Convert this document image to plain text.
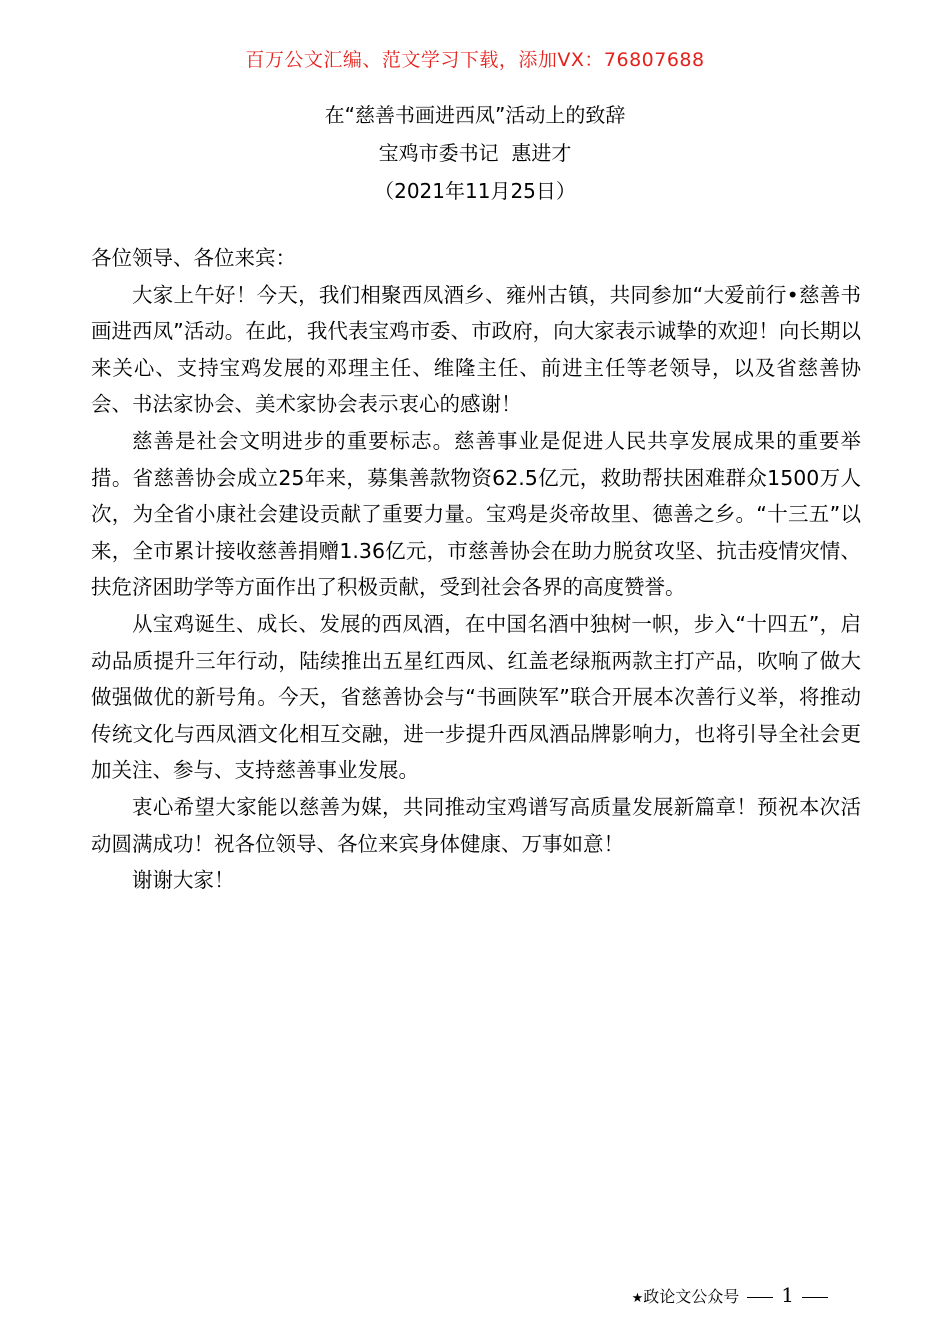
百万公文汇编、范文学习下载，添加VX：76807688
在“慈善书画进西凤”活动上的致辞
宝鸡市委书记  惠进才
（2021年11月25日）

各位领导、各位来宾：

大家上午好！今天，我们相聚西凤酒乡、雍州古镇，共同参加“大爱前行•慈善书画进西凤”活动。在此，我代表宝鸡市委、市政府，向大家表示诚挚的欢迎！向长期以来关心、支持宝鸡发展的邓理主任、维隆主任、前进主任等老领导，以及省慈善协会、书法家协会、美术家协会表示衷心的感谢！

慈善是社会文明进步的重要标志。慈善事业是促进人民共享发展成果的重要举措。省慈善协会成立25年来，募集善款物资62.5亿元，救助帮扶困难群众1500万人次，为全省小康社会建设贡献了重要力量。宝鸡是炎帝故里、德善之乡。“十三五”以来，全市累计接收慈善捐赠1.36亿元，市慈善协会在助力脱贫攻坚、抗击疫情灾情、扶危济困助学等方面作出了积极贡献，受到社会各界的高度赞誉。

从宝鸡诞生、成长、发展的西凤酒，在中国名酒中独树一帜，步入“十四五”，启动品质提升三年行动，陆续推出五星红西凤、红盖老绿瓶两款主打产品，吹响了做大做强做优的新号角。今天，省慈善协会与“书画陕军”联合开展本次善行义举，将推动传统文化与西凤酒文化相互交融，进一步提升西凤酒品牌影响力，也将引导全社会更加关注、参与、支持慈善事业发展。

衷心希望大家能以慈善为媒，共同推动宝鸡谱写高质量发展新篇章！预祝本次活动圆满成功！祝各位领导、各位来宾身体健康、万事如意！

谢谢大家！

★政论文公众号 1
